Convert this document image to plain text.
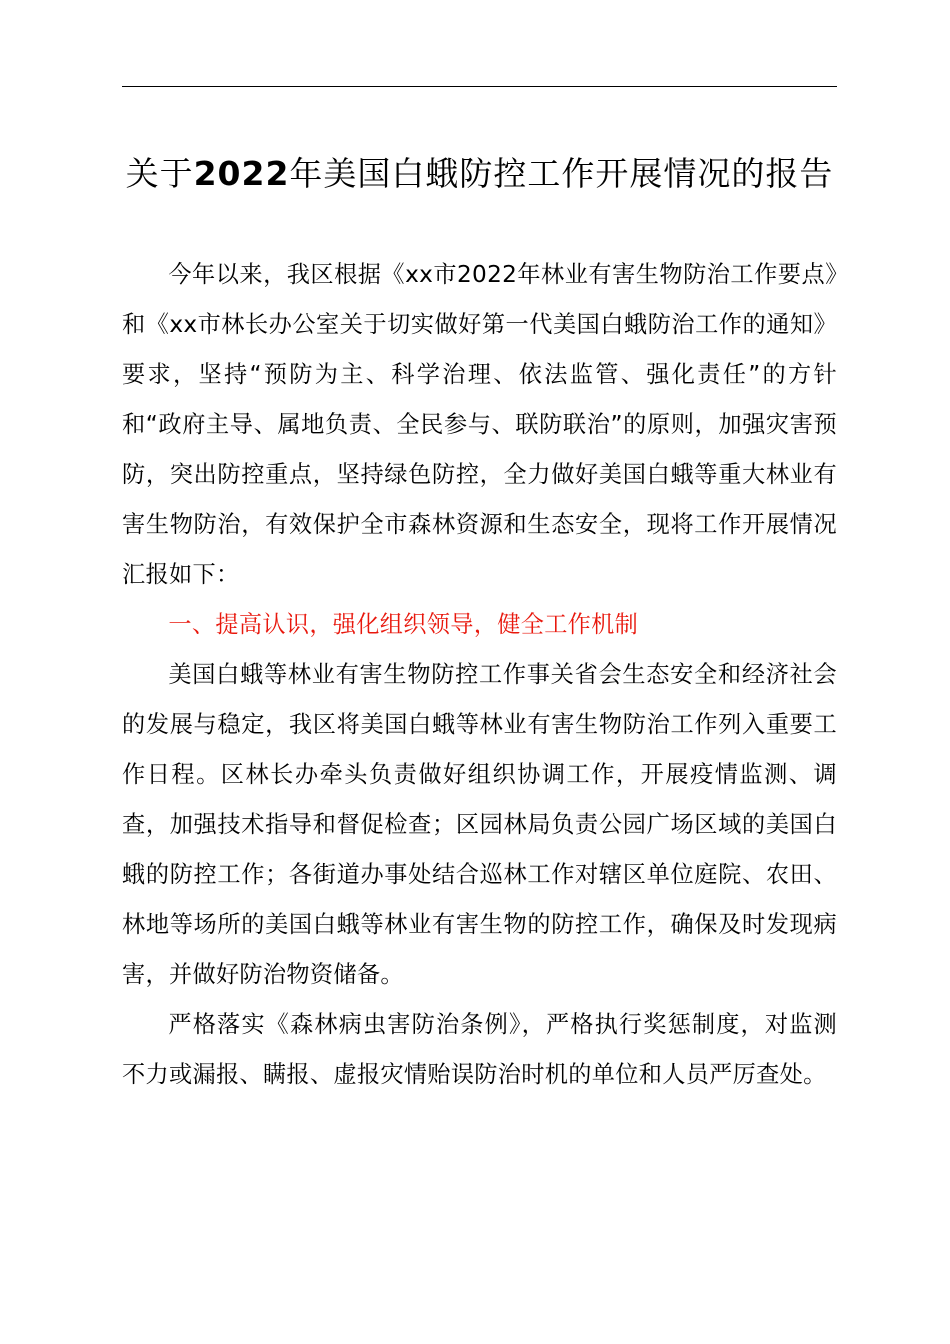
关于2022年美国白蛾防控工作开展情况的报告

今年以来，我区根据《xx市2022年林业有害生物防治工作要点》和《xx市林长办公室关于切实做好第一代美国白蛾防治工作的通知》要求，坚持“预防为主、科学治理、依法监管、强化责任”的方针和“政府主导、属地负责、全民参与、联防联治”的原则，加强灾害预防，突出防控重点，坚持绿色防控，全力做好美国白蛾等重大林业有害生物防治，有效保护全市森林资源和生态安全，现将工作开展情况汇报如下：

一、提高认识，强化组织领导，健全工作机制

美国白蛾等林业有害生物防控工作事关省会生态安全和经济社会的发展与稳定，我区将美国白蛾等林业有害生物防治工作列入重要工作日程。区林长办牵头负责做好组织协调工作，开展疫情监测、调查，加强技术指导和督促检查；区园林局负责公园广场区域的美国白蛾的防控工作；各街道办事处结合巡林工作对辖区单位庭院、农田、林地等场所的美国白蛾等林业有害生物的防控工作，确保及时发现病害，并做好防治物资储备。

严格落实《森林病虫害防治条例》，严格执行奖惩制度，对监测不力或漏报、瞒报、虚报灾情贻误防治时机的单位和人员严厉查处。
